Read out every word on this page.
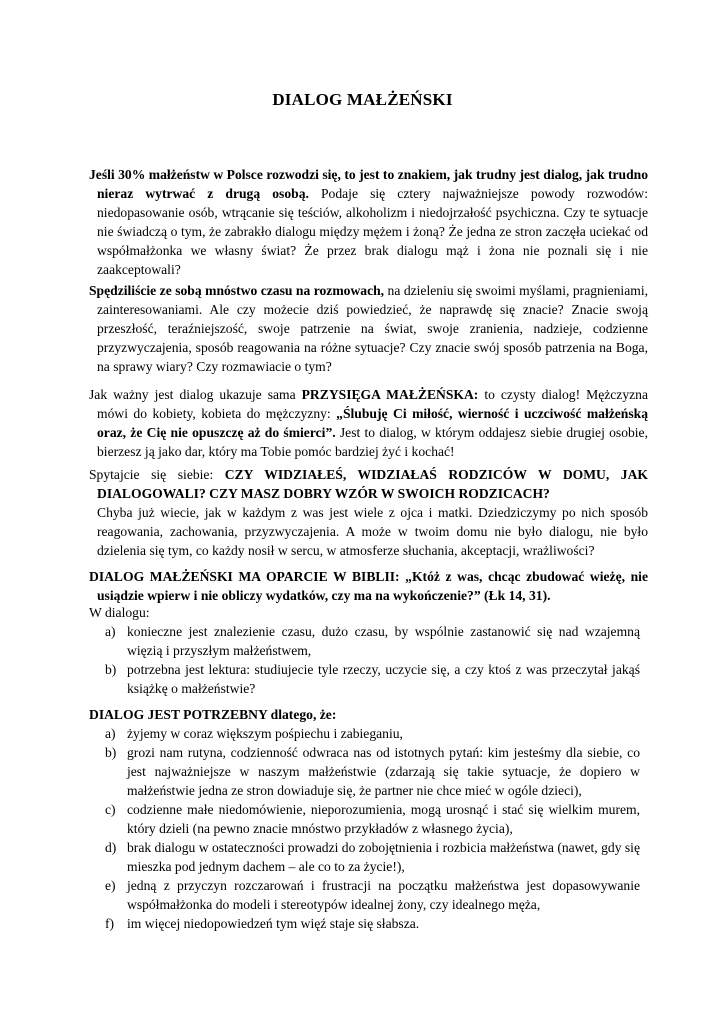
DIALOG MAŁŻEŃSKI
Jeśli 30% małżeństw w Polsce rozwodzi się, to jest to znakiem, jak trudny jest dialog, jak trudno nieraz wytrwać z drugą osobą. Podaje się cztery najważniejsze powody rozwodów: niedopasowanie osób, wtrącanie się teściów, alkoholizm i niedojrzałość psychiczna. Czy te sytuacje nie świadczą o tym, że zabrakło dialogu między mężem i żoną? Że jedna ze stron zaczęła uciekać od współmałżonka we własny świat? Że przez brak dialogu mąż i żona nie poznali się i nie zaakceptowali?
Spędziliście ze sobą mnóstwo czasu na rozmowach, na dzieleniu się swoimi myślami, pragnieniami, zainteresowaniami. Ale czy możecie dziś powiedzieć, że naprawdę się znacie? Znacie swoją przeszłość, teraźniejszość, swoje patrzenie na świat, swoje zranienia, nadzieje, codzienne przyzwyczajenia, sposób reagowania na różne sytuacje? Czy znacie swój sposób patrzenia na Boga, na sprawy wiary? Czy rozmawiacie o tym?
Jak ważny jest dialog ukazuje sama PRZYSIĘGA MAŁŻEŃSKA: to czysty dialog! Mężczyzna mówi do kobiety, kobieta do mężczyzny: „Ślubuję Ci miłość, wierność i uczciwość małżeńską oraz, że Cię nie opuszczę aż do śmierci”. Jest to dialog, w którym oddajesz siebie drugiej osobie, bierzesz ją jako dar, który ma Tobie pomóc bardziej żyć i kochać!
Spytajcie się siebie: CZY WIDZIAŁEŚ, WIDZIAŁAŚ RODZICÓW W DOMU, JAK DIALOGOWALI? CZY MASZ DOBRY WZÓR W SWOICH RODZICACH?
Chyba już wiecie, jak w każdym z was jest wiele z ojca i matki. Dziedziczymy po nich sposób reagowania, zachowania, przyzwyczajenia. A może w twoim domu nie było dialogu, nie było dzielenia się tym, co każdy nosił w sercu, w atmosferze słuchania, akceptacji, wrażliwości?
DIALOG MAŁŻEŃSKI MA OPARCIE W BIBLII: „Któż z was, chcąc zbudować wieżę, nie usiądzie wpierw i nie obliczy wydatków, czy ma na wykończenie?” (Łk 14, 31).
W dialogu:
a) konieczne jest znalezienie czasu, dużo czasu, by wspólnie zastanowić się nad wzajemną więzią i przyszłym małżeństwem,
b) potrzebna jest lektura: studiujecie tyle rzeczy, uczycie się, a czy ktoś z was przeczytał jakąś książkę o małżeństwie?
DIALOG JEST POTRZEBNY dlatego, że:
a) żyjemy w coraz większym pośpiechu i zabieganiu,
b) grozi nam rutyna, codzienność odwraca nas od istotnych pytań: kim jesteśmy dla siebie, co jest najważniejsze w naszym małżeństwie (zdarzają się takie sytuacje, że dopiero w małżeństwie jedna ze stron dowiaduje się, że partner nie chce mieć w ogóle dzieci),
c) codzienne małe niedomówienie, nieporozumienia, mogą urosnąć i stać się wielkim murem, który dzieli (na pewno znacie mnóstwo przykładów z własnego życia),
d) brak dialogu w ostateczności prowadzi do zobojętnienia i rozbicia małżeństwa (nawet, gdy się mieszka pod jednym dachem – ale co to za życie!),
e) jedną z przyczyn rozczarowań i frustracji na początku małżeństwa jest dopasowywanie współmałżonka do modeli i stereotypów idealnej żony, czy idealnego męża,
f) im więcej niedopowiedzeń tym więź staje się słabsza.
